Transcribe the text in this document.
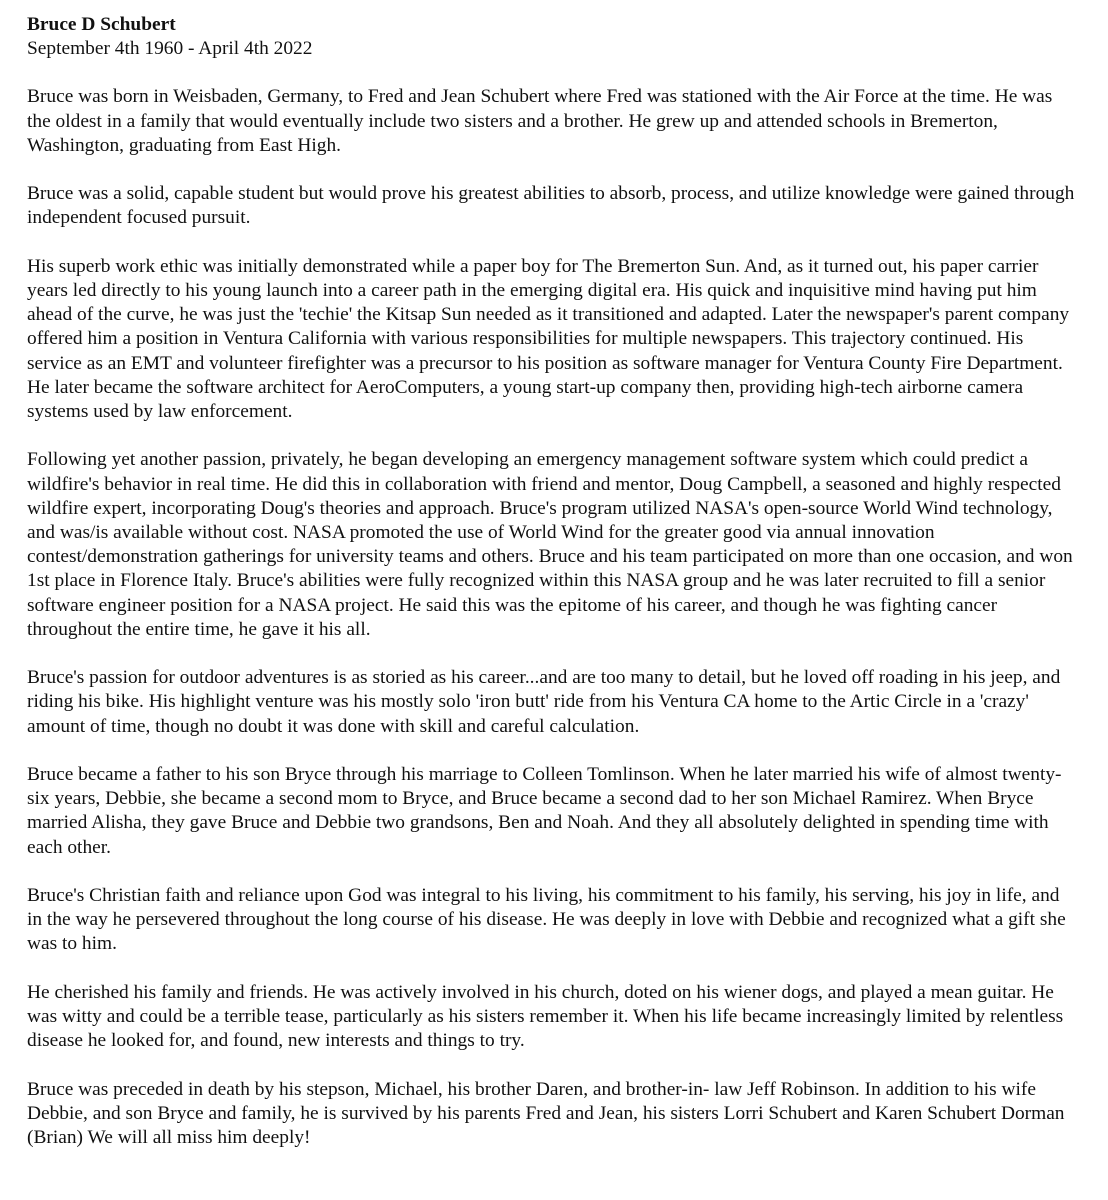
Bruce D Schubert
September 4th 1960 - April 4th 2022

Bruce was born in Weisbaden, Germany, to Fred and Jean Schubert where Fred was stationed with the Air Force at the time. He was the oldest in a family that would eventually include two sisters and a brother. He grew up and attended schools in Bremerton, Washington, graduating from East High.

Bruce was a solid, capable student but would prove his greatest abilities to absorb, process, and utilize knowledge were gained through independent focused pursuit.

His superb work ethic was initially demonstrated while a paper boy for The Bremerton Sun. And, as it turned out, his paper carrier years led directly to his young launch into a career path in the emerging digital era. His quick and inquisitive mind having put him ahead of the curve, he was just the 'techie' the Kitsap Sun needed as it transitioned and adapted. Later the newspaper's parent company offered him a position in Ventura California with various responsibilities for multiple newspapers. This trajectory continued. His service as an EMT and volunteer firefighter was a precursor to his position as software manager for Ventura County Fire Department. He later became the software architect for AeroComputers, a young start-up company then, providing high-tech airborne camera systems used by law enforcement.

Following yet another passion, privately, he began developing an emergency management software system which could predict a wildfire's behavior in real time. He did this in collaboration with friend and mentor, Doug Campbell, a seasoned and highly respected wildfire expert, incorporating Doug's theories and approach. Bruce's program utilized NASA's open-source World Wind technology, and was/is available without cost. NASA promoted the use of World Wind for the greater good via annual innovation contest/demonstration gatherings for university teams and others. Bruce and his team participated on more than one occasion, and won 1st place in Florence Italy. Bruce's abilities were fully recognized within this NASA group and he was later recruited to fill a senior software engineer position for a NASA project. He said this was the epitome of his career, and though he was fighting cancer throughout the entire time, he gave it his all.

Bruce's passion for outdoor adventures is as storied as his career...and are too many to detail, but he loved off roading in his jeep, and riding his bike. His highlight venture was his mostly solo 'iron butt' ride from his Ventura CA home to the Artic Circle in a 'crazy' amount of time, though no doubt it was done with skill and careful calculation.

Bruce became a father to his son Bryce through his marriage to Colleen Tomlinson. When he later married his wife of almost twenty-six years, Debbie, she became a second mom to Bryce, and Bruce became a second dad to her son Michael Ramirez. When Bryce married Alisha, they gave Bruce and Debbie two grandsons, Ben and Noah. And they all absolutely delighted in spending time with each other.

Bruce's Christian faith and reliance upon God was integral to his living, his commitment to his family, his serving, his joy in life, and in the way he persevered throughout the long course of his disease. He was deeply in love with Debbie and recognized what a gift she was to him.

He cherished his family and friends. He was actively involved in his church, doted on his wiener dogs, and played a mean guitar. He was witty and could be a terrible tease, particularly as his sisters remember it. When his life became increasingly limited by relentless disease he looked for, and found, new interests and things to try.

Bruce was preceded in death by his stepson, Michael, his brother Daren, and brother-in- law Jeff Robinson. In addition to his wife Debbie, and son Bryce and family, he is survived by his parents Fred and Jean, his sisters Lorri Schubert and Karen Schubert Dorman (Brian) We will all miss him deeply!
